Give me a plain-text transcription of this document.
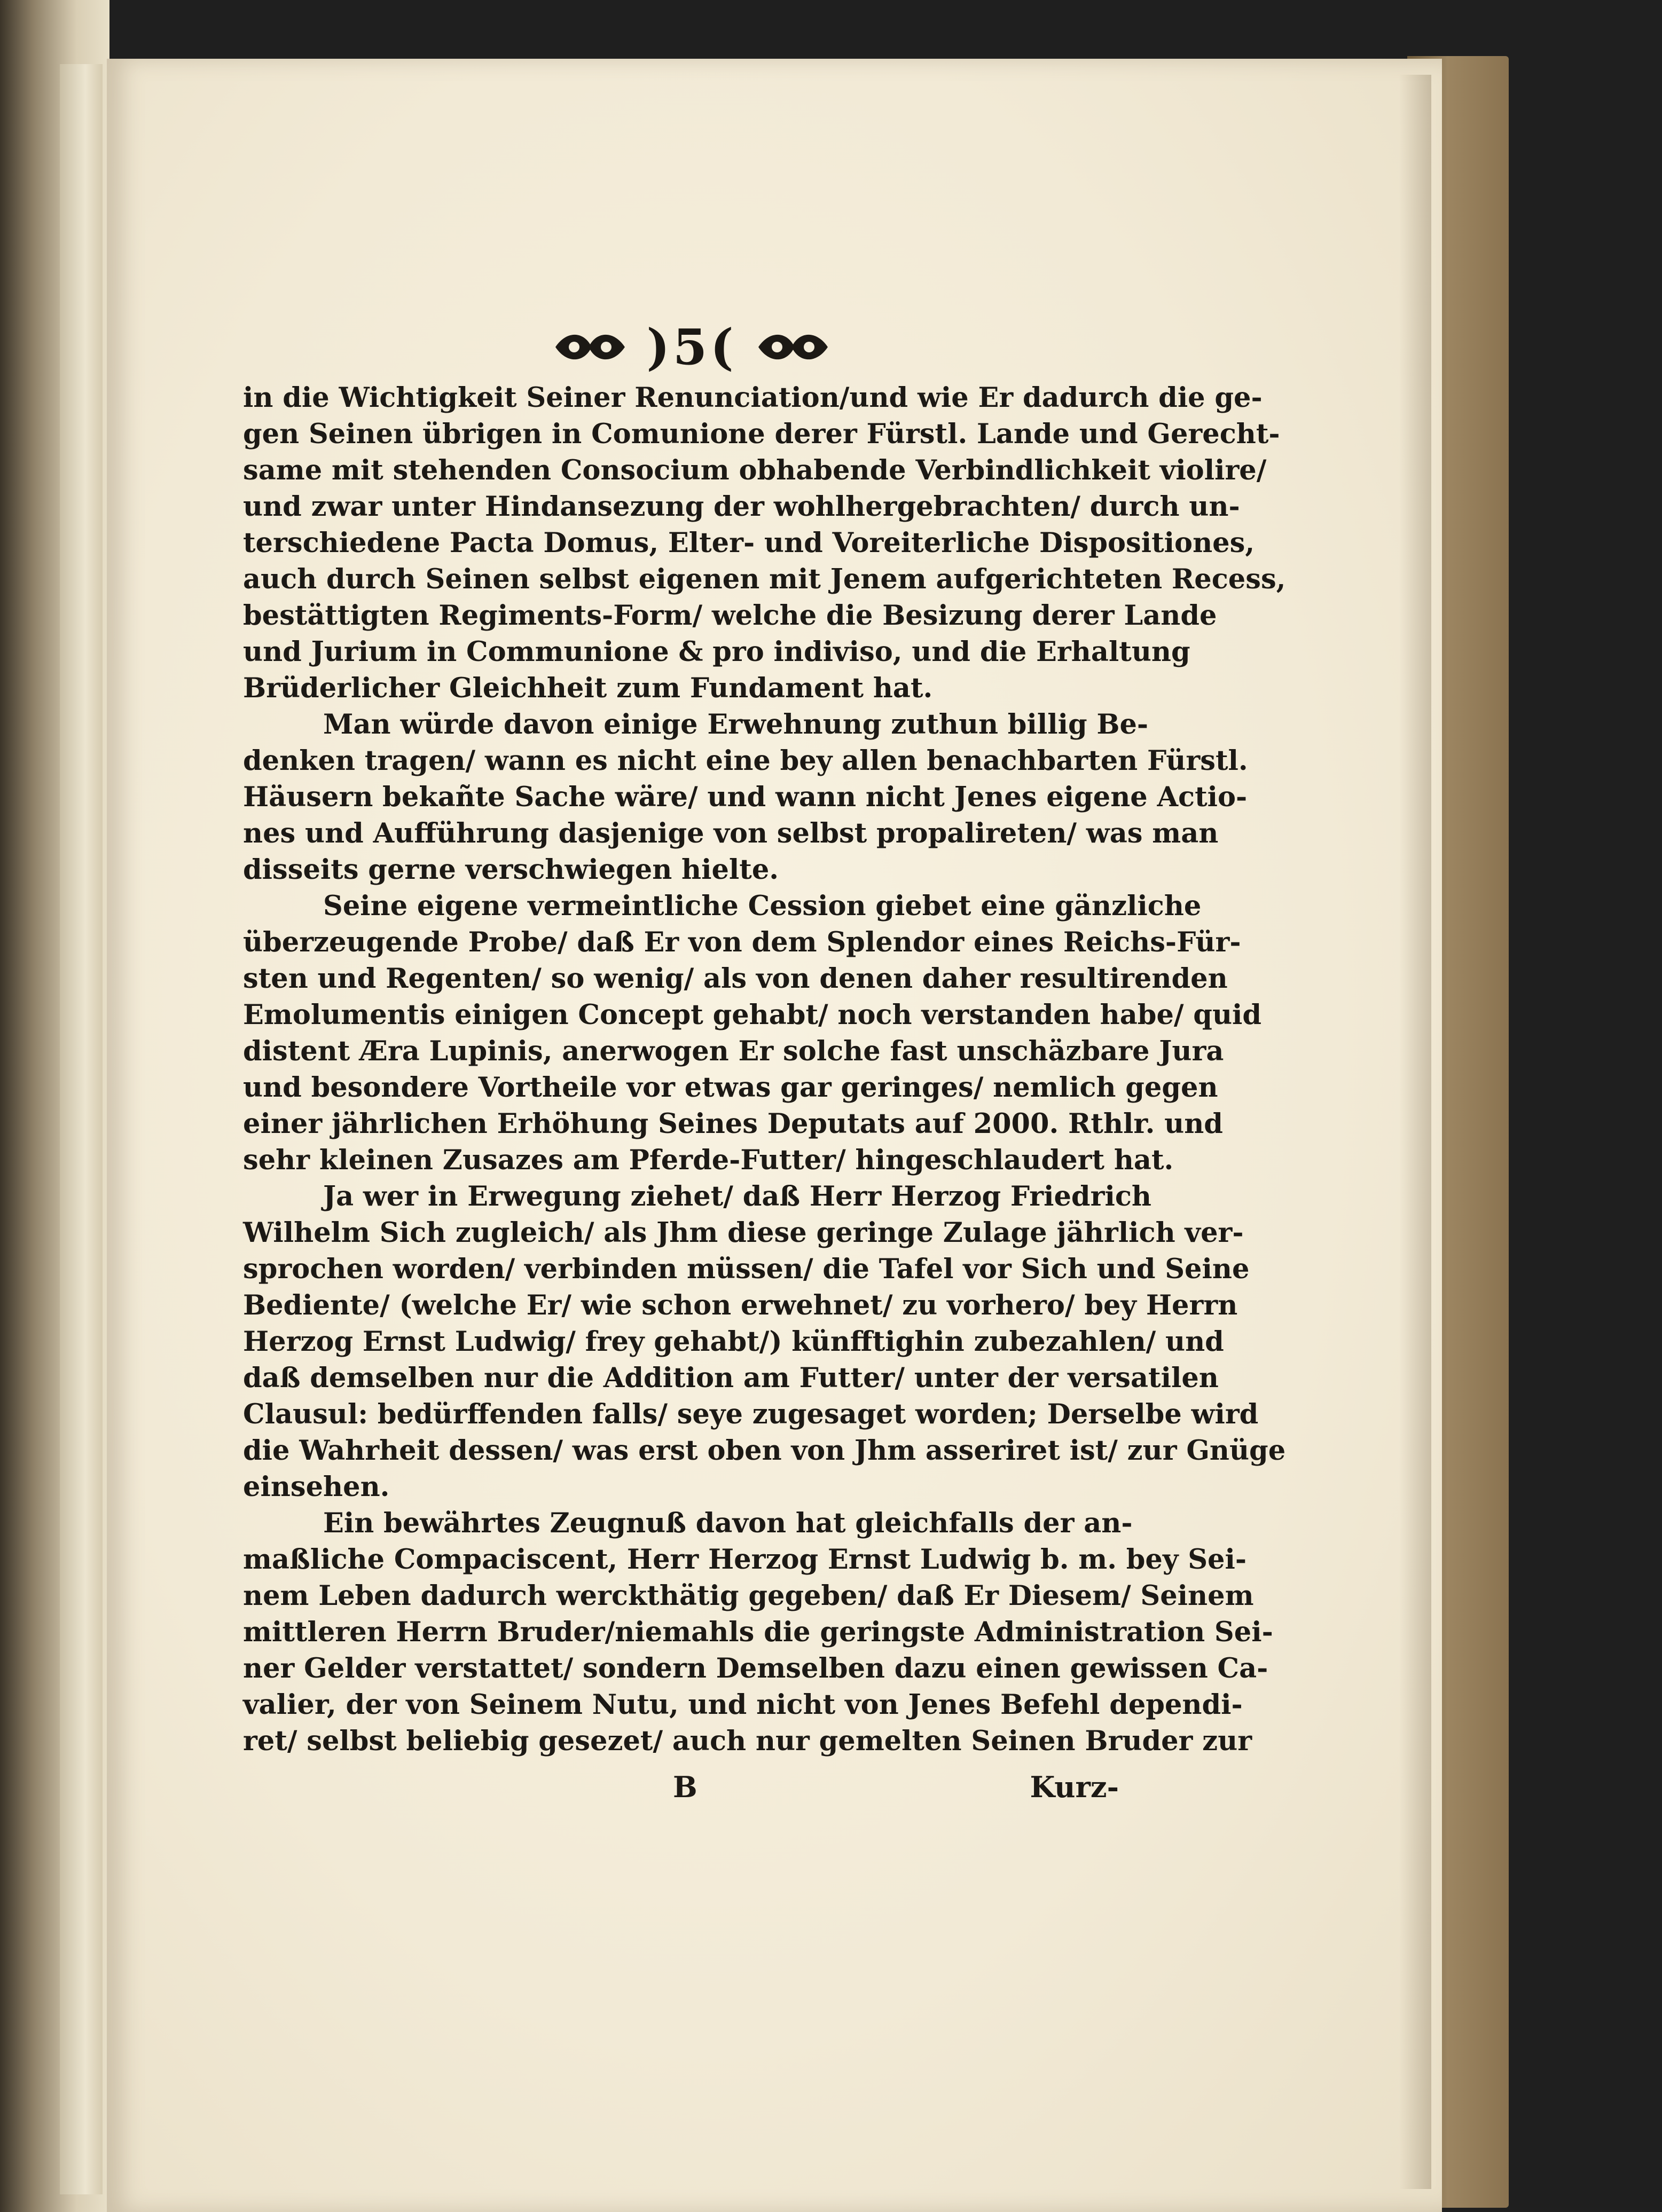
)5(
in die Wichtigkeit Seiner Renunciation/und wie Er dadurch die ge-
gen Seinen übrigen in Comunione derer Fürstl. Lande und Gerecht-
same mit stehenden Consocium obhabende Verbindlichkeit violire/
und zwar unter Hindansezung der wohlhergebrachten/ durch un-
terschiedene Pacta Domus, Elter- und Voreiterliche Dispositiones,
auch durch Seinen selbst eigenen mit Jenem aufgerichteten Recess,
bestättigten Regiments-Form/ welche die Besizung derer Lande
und Jurium in Communione & pro indiviso, und die Erhaltung
Brüderlicher Gleichheit zum Fundament hat.
Man würde davon einige Erwehnung zuthun billig Be-
denken tragen/ wann es nicht eine bey allen benachbarten Fürstl.
Häusern bekañte Sache wäre/ und wann nicht Jenes eigene Actio-
nes und Aufführung dasjenige von selbst propalireten/ was man
disseits gerne verschwiegen hielte.
Seine eigene vermeintliche Cession giebet eine gänzliche
überzeugende Probe/ daß Er von dem Splendor eines Reichs-Für-
sten und Regenten/ so wenig/ als von denen daher resultirenden
Emolumentis einigen Concept gehabt/ noch verstanden habe/ quid
distent Æra Lupinis, anerwogen Er solche fast unschäzbare Jura
und besondere Vortheile vor etwas gar geringes/ nemlich gegen
einer jährlichen Erhöhung Seines Deputats auf 2000. Rthlr. und
sehr kleinen Zusazes am Pferde-Futter/ hingeschlaudert hat.
Ja wer in Erwegung ziehet/ daß Herr Herzog Friedrich
Wilhelm Sich zugleich/ als Jhm diese geringe Zulage jährlich ver-
sprochen worden/ verbinden müssen/ die Tafel vor Sich und Seine
Bediente/ (welche Er/ wie schon erwehnet/ zu vorhero/ bey Herrn
Herzog Ernst Ludwig/ frey gehabt/) künfftighin zubezahlen/ und
daß demselben nur die Addition am Futter/ unter der versatilen
Clausul: bedürffenden falls/ seye zugesaget worden; Derselbe wird
die Wahrheit dessen/ was erst oben von Jhm asseriret ist/ zur Gnüge
einsehen.
Ein bewährtes Zeugnuß davon hat gleichfalls der an-
maßliche Compaciscent, Herr Herzog Ernst Ludwig b. m. bey Sei-
nem Leben dadurch werckthätig gegeben/ daß Er Diesem/ Seinem
mittleren Herrn Bruder/niemahls die geringste Administration Sei-
ner Gelder verstattet/ sondern Demselben dazu einen gewissen Ca-
valier, der von Seinem Nutu, und nicht von Jenes Befehl dependi-
ret/ selbst beliebig gesezet/ auch nur gemelten Seinen Bruder zur
B	Kurz-
